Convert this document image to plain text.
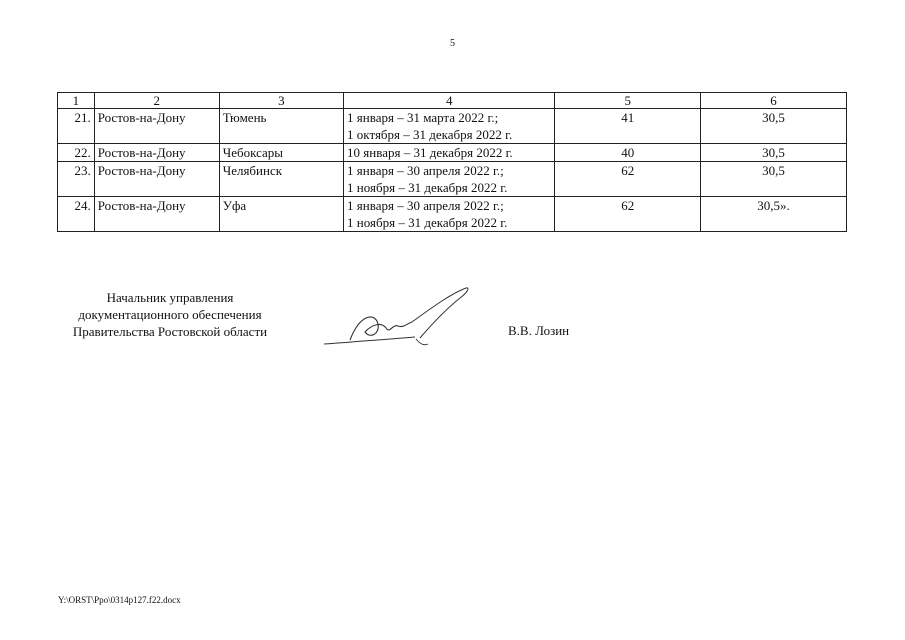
5
1	2	3	4	5	6
21.	Ростов-на-Дону	Тюмень	1 января – 31 марта 2022 г.;
1 октября – 31 декабря 2022 г.	41	30,5
22.	Ростов-на-Дону	Чебоксары	10 января – 31 декабря 2022 г.	40	30,5
23.	Ростов-на-Дону	Челябинск	1 января – 30 апреля 2022 г.;
1 ноября – 31 декабря 2022 г.	62	30,5
24.	Ростов-на-Дону	Уфа	1 января – 30 апреля 2022 г.;
1 ноября – 31 декабря 2022 г.	62	30,5».
Начальник управления
документационного обеспечения
Правительства Ростовской области	В.В. Лозин
Y:\ORST\Ppo\0314p127.f22.docx
